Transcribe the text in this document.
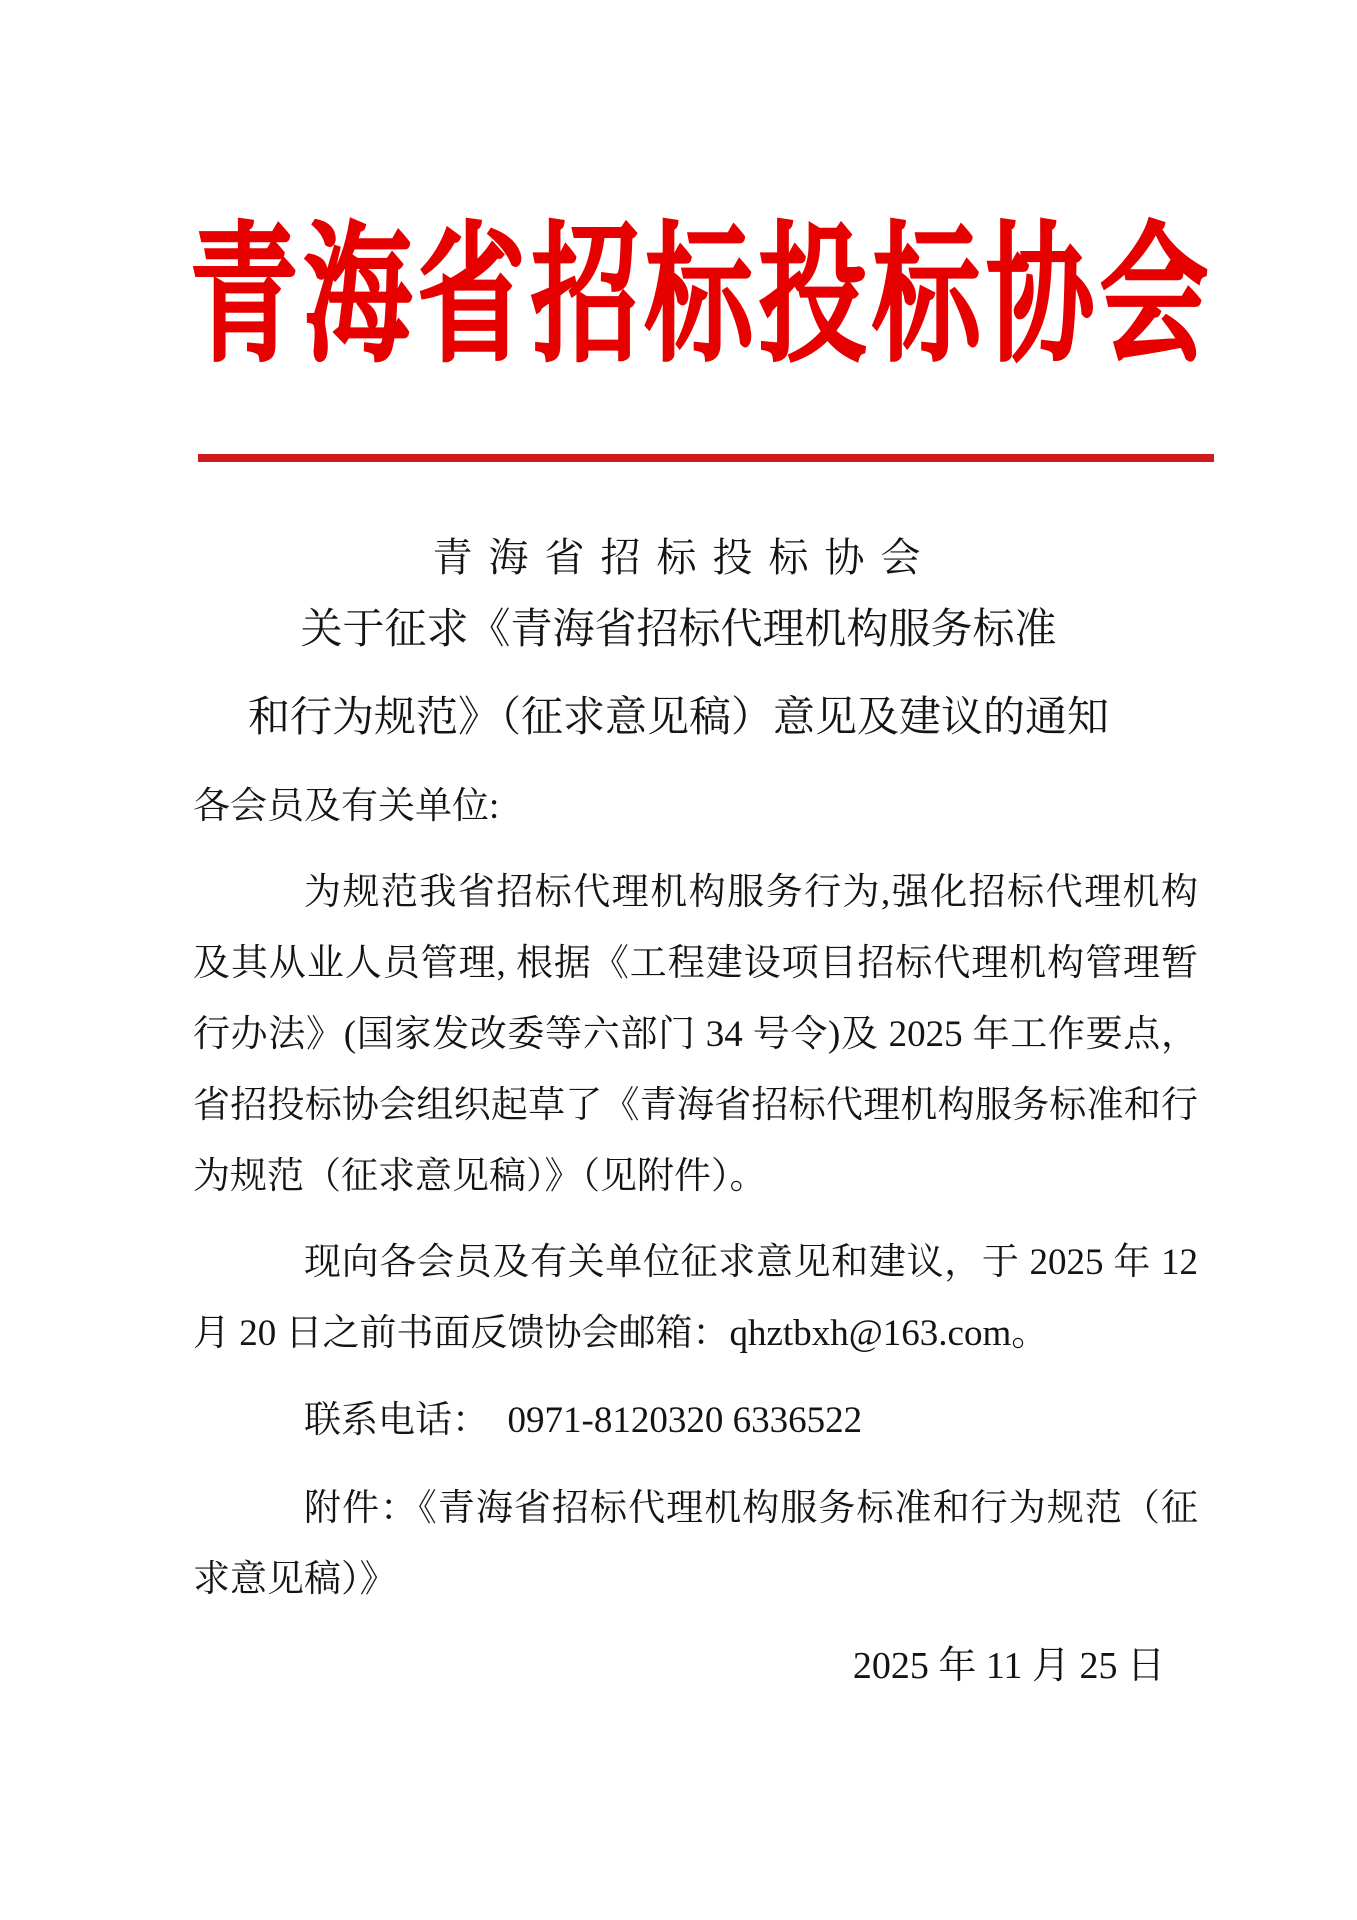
青海省招标投标协会
青 海 省 招 标 投 标 协 会
关于征求《青海省招标代理机构服务标准
和行为规范》（征求意见稿）意见及建议的通知
各会员及有关单位:
为规范我省招标代理机构服务行为,强化招标代理机构
及其从业人员管理, 根据《工程建设项目招标代理机构管理暂
行办法》(国家发改委等六部门 34 号令)及 2025 年工作要点，
省招投标协会组织起草了《青海省招标代理机构服务标准和行
为规范（征求意见稿）》（见附件）。
现向各会员及有关单位征求意见和建议，于 2025 年 12
月 20 日之前书面反馈协会邮箱：qhztbxh@163.com。
联系电话：  0971-8120320 6336522
附件：《青海省招标代理机构服务标准和行为规范（征
求意见稿）》
2025 年 11 月 25 日
